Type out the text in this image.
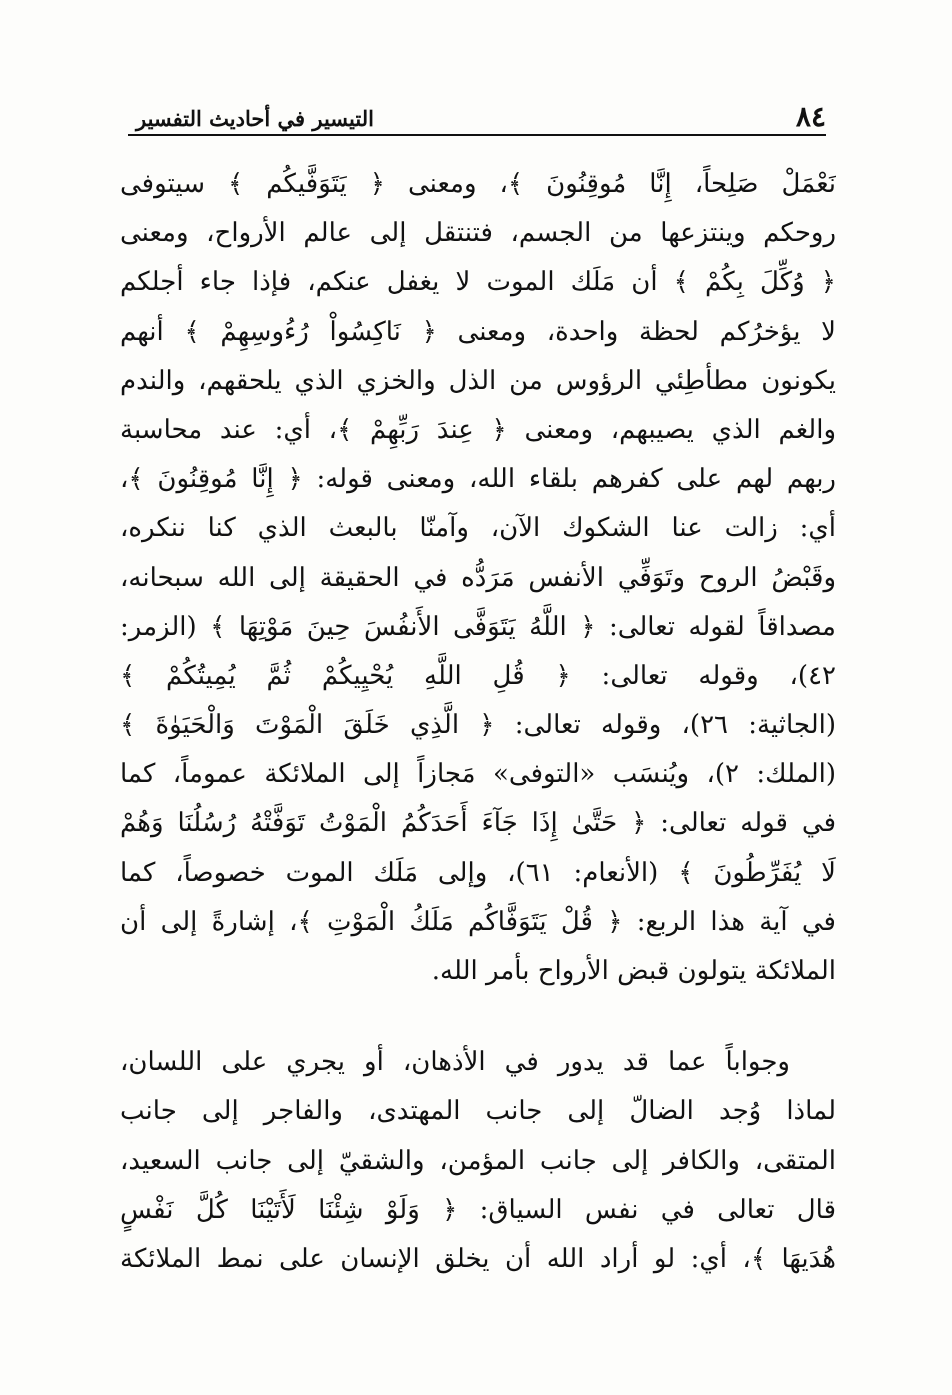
٨٤
التيسير في أحاديث التفسير
نَعْمَلْ صَلِحاً، إِنَّا مُوقِنُونَ ﴾، ومعنى ﴿ يَتَوَفَّيكُم ﴾ سيتوفى
روحكم وينتزعها من الجسم، فتنتقل إلى عالم الأرواح، ومعنى
﴿ وُكِّلَ بِكُمْ ﴾ أن مَلَك الموت لا يغفل عنكم، فإذا جاء أجلكم
لا يؤخرُكم لحظة واحدة، ومعنى ﴿ نَاكِسُواْ رُءُوسِهِمْ ﴾ أنهم
يكونون مطأطِئي الرؤوس من الذل والخزي الذي يلحقهم، والندم
والغم الذي يصيبهم، ومعنى ﴿ عِندَ رَبِّهِمْ ﴾، أي: عند محاسبة
ربهم لهم على كفرهم بلقاء الله، ومعنى قوله: ﴿ إِنَّا مُوقِنُونَ ﴾،
أي: زالت عنا الشكوك الآن، وآمنّا بالبعث الذي كنا ننكره،
وقَبْضُ الروح وتَوَفِّي الأنفس مَرَدُّه في الحقيقة إلى الله سبحانه،
مصداقاً لقوله تعالى: ﴿ اللَّهُ يَتَوَفَّى الأَنفُسَ حِينَ مَوْتِهَا ﴾ (الزمر:
٤٢)، وقوله تعالى: ﴿ قُلِ اللَّهِ يُحْيِيكُمْ ثُمَّ يُمِيتُكُمْ ﴾
(الجاثية: ٢٦)، وقوله تعالى: ﴿ الَّذِي خَلَقَ الْمَوْتَ وَالْحَيَوٰةَ ﴾
(الملك: ٢)، ويُنسَب «التوفى» مَجازاً إلى الملائكة عموماً، كما
في قوله تعالى: ﴿ حَتَّىٰ إِذَا جَآءَ أَحَدَكُمُ الْمَوْتُ تَوَفَّتْهُ رُسُلُنَا وَهُمْ
لَا يُفَرِّطُونَ ﴾ (الأنعام: ٦١)، وإلى مَلَك الموت خصوصاً، كما
في آية هذا الربع: ﴿ قُلْ يَتَوَفَّاكُم مَلَكُ الْمَوْتِ ﴾، إشارةً إلى أن
الملائكة يتولون قبض الأرواح بأمر الله.
وجواباً عما قد يدور في الأذهان، أو يجري على اللسان،
لماذا وُجد الضالّ إلى جانب المهتدى، والفاجر إلى جانب
المتقى، والكافر إلى جانب المؤمن، والشقيّ إلى جانب السعيد،
قال تعالى في نفس السياق: ﴿ وَلَوْ شِئْنَا لَأَتَيْنَا كُلَّ نَفْسٍ
هُدَيهَا ﴾، أي: لو أراد الله أن يخلق الإنسان على نمط الملائكة
